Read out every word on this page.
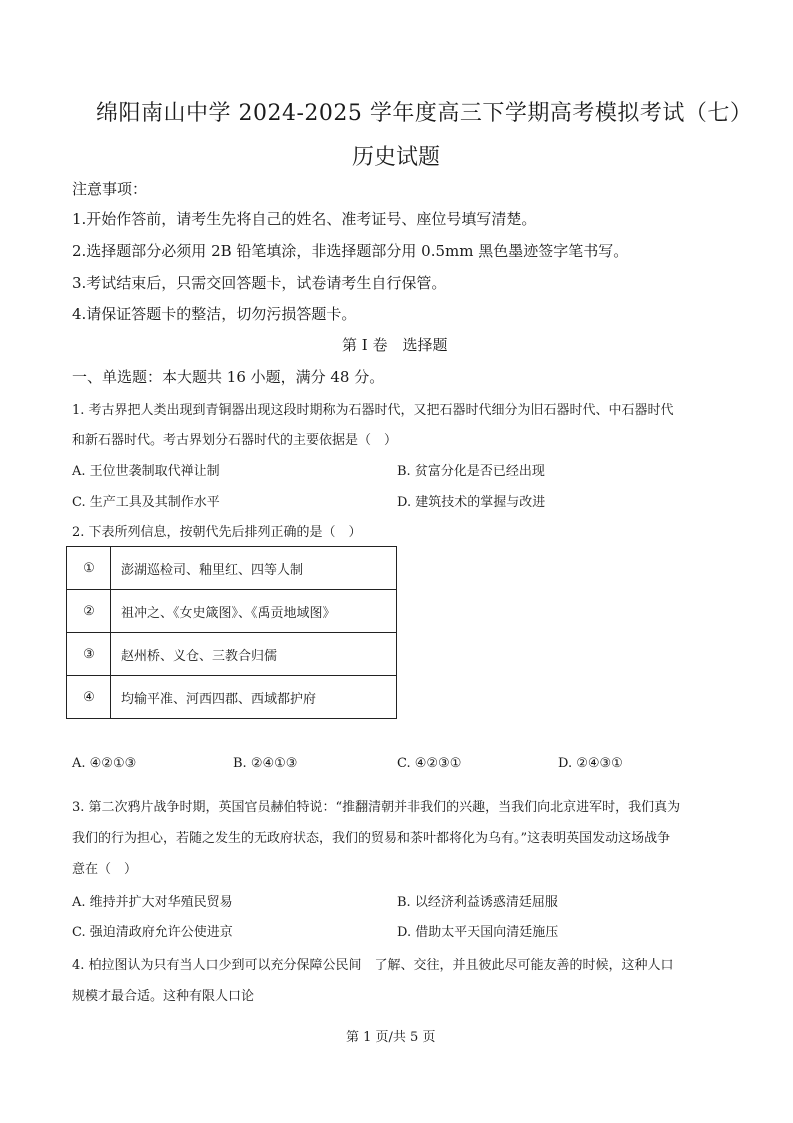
绵阳南山中学 2024-2025 学年度高三下学期高考模拟考试（七）
历史试题
注意事项：
1.开始作答前，请考生先将自己的姓名、准考证号、座位号填写清楚。
2.选择题部分必须用 2B 铅笔填涂，非选择题部分用 0.5mm 黑色墨迹签字笔书写。
3.考试结束后，只需交回答题卡，试卷请考生自行保管。
4.请保证答题卡的整洁，切勿污损答题卡。
第 I 卷　选择题
一、单选题：本大题共 16 小题，满分 48 分。
1. 考古界把人类出现到青铜器出现这段时期称为石器时代，又把石器时代细分为旧石器时代、中石器时代
和新石器时代。考古界划分石器时代的主要依据是（　）
A. 王位世袭制取代禅让制	B. 贫富分化是否已经出现
C. 生产工具及其制作水平	D. 建筑技术的掌握与改进
2. 下表所列信息，按朝代先后排列正确的是（　）
①	澎湖巡检司、釉里红、四等人制
②	祖冲之、《女史箴图》、《禹贡地域图》
③	赵州桥、义仓、三教合归儒
④	均输平准、河西四郡、西域都护府
A. ④②①③	B. ②④①③	C. ④②③①	D. ②④③①
3. 第二次鸦片战争时期，英国官员赫伯特说：“推翻清朝并非我们的兴趣，当我们向北京进军时，我们真为
我们的行为担心，若随之发生的无政府状态，我们的贸易和茶叶都将化为乌有。”这表明英国发动这场战争
意在（　）
A. 维持并扩大对华殖民贸易	B. 以经济利益诱惑清廷屈服
C. 强迫清政府允许公使进京	D. 借助太平天国向清廷施压
4. 柏拉图认为只有当人口少到可以充分保障公民间　了解、交往，并且彼此尽可能友善的时候，这种人口
规模才最合适。这种有限人口论
第 1 页/共 5 页
